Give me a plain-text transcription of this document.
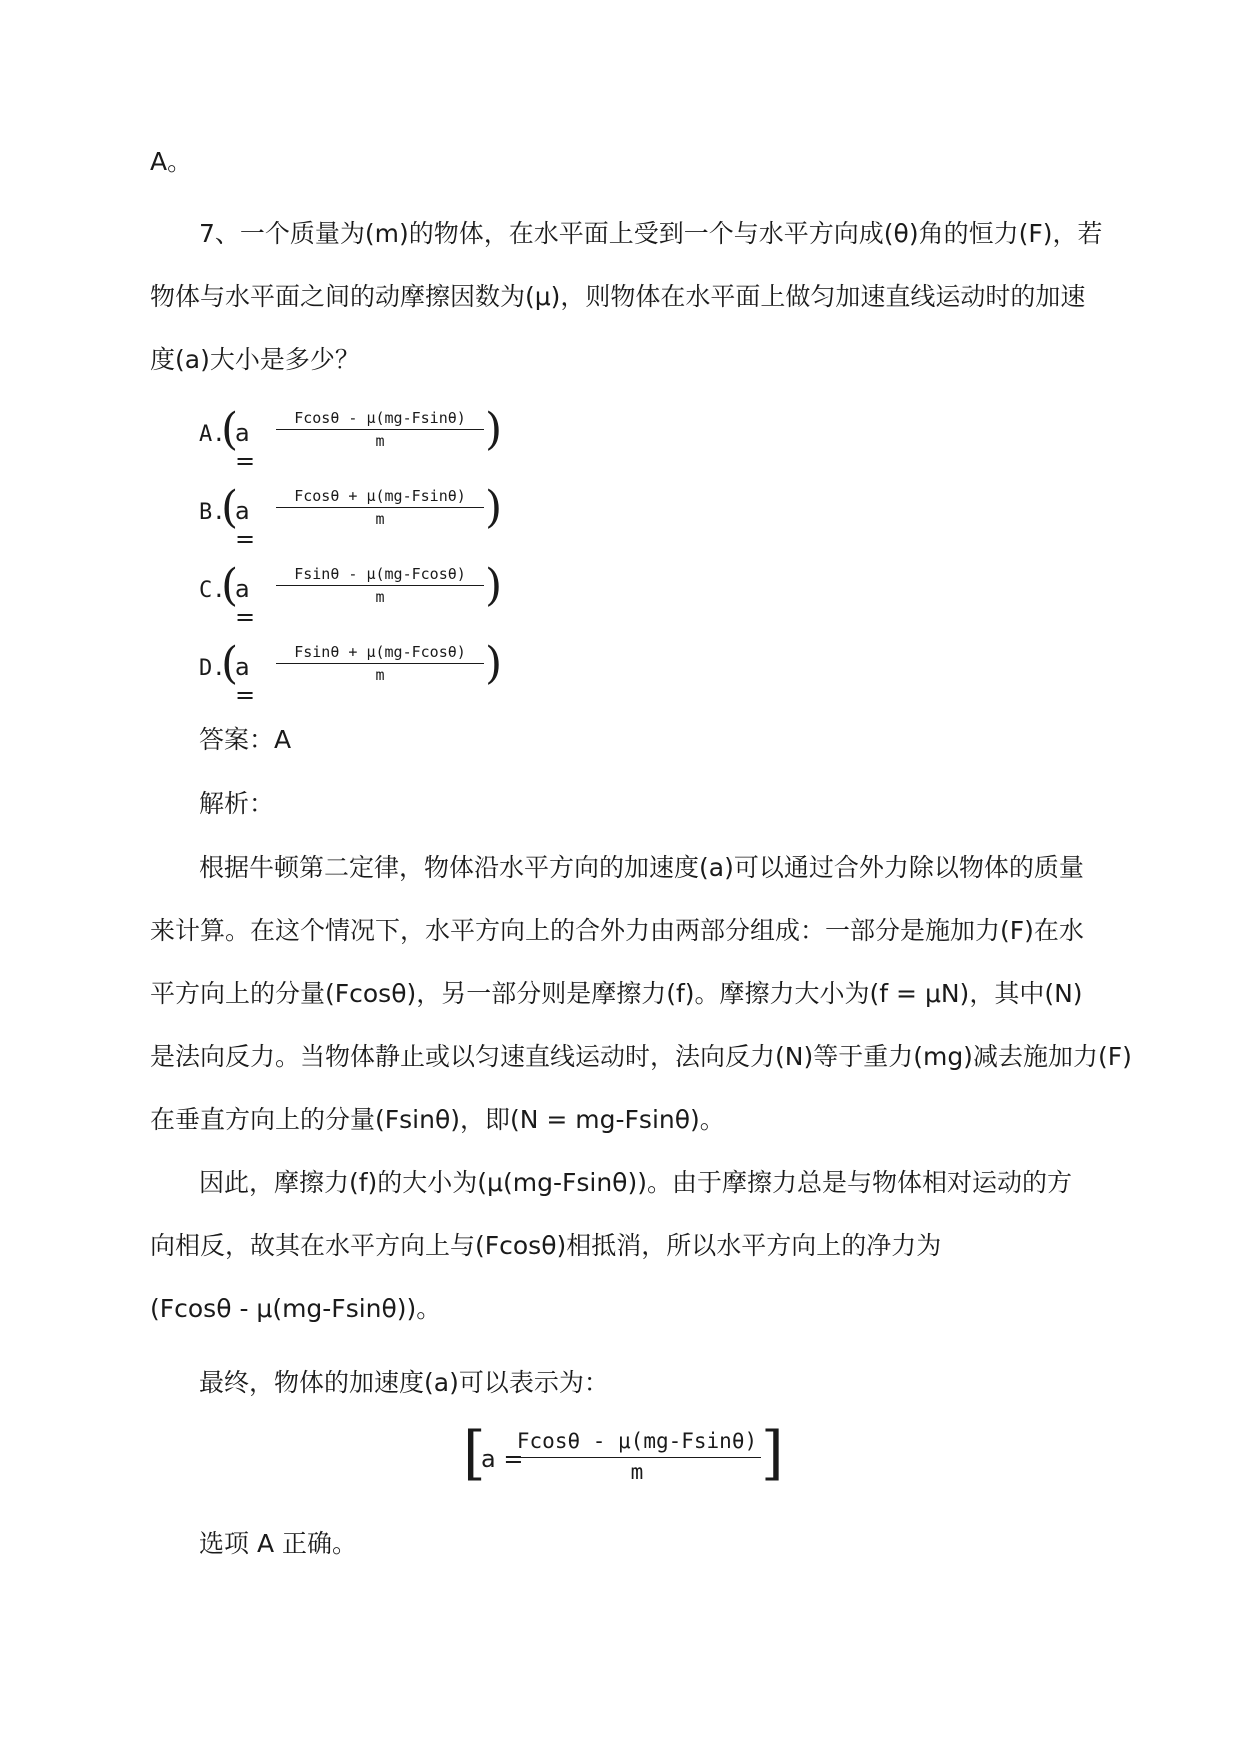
A。
7、一个质量为(m)的物体，在水平面上受到一个与水平方向成(θ)角的恒力(F)，若
物体与水平面之间的动摩擦因数为(μ)，则物体在水平面上做匀加速直线运动时的加速
度(a)大小是多少？
A.
(
a =
$\frac{Fcos\theta - \mu(mg-Fsin\theta)}{m}$ )
B.
(
a =
$\frac{Fcos\theta + \mu(mg-Fsin\theta)}{m}$ )
C.
(
a =
$\frac{Fsin\theta - \mu(mg-Fcos\theta)}{m}$ )
D.
(
a =
$\frac{Fsin\theta + \mu(mg-Fcos\theta)}{m}$ )
答案：A
解析：
根据牛顿第二定律，物体沿水平方向的加速度(a)可以通过合外力除以物体的质量
来计算。在这个情况下，水平方向上的合外力由两部分组成：一部分是施加力(F)在水
平方向上的分量(Fcosθ)，另一部分则是摩擦力(f)。摩擦力大小为(f = μN)，其中(N)
是法向反力。当物体静止或以匀速直线运动时，法向反力(N)等于重力(mg)减去施加力(F)
在垂直方向上的分量(Fsinθ)，即(N = mg-Fsinθ)。
因此，摩擦力(f)的大小为(μ(mg-Fsinθ))。由于摩擦力总是与物体相对运动的方
向相反，故其在水平方向上与(Fcosθ)相抵消，所以水平方向上的净力为
(Fcosθ - μ(mg-Fsinθ))。
最终，物体的加速度(a)可以表示为：
[
a =
$\frac{Fcos\theta - \mu(mg-Fsin\theta)}{m}$ ]
选项 A 正确。
